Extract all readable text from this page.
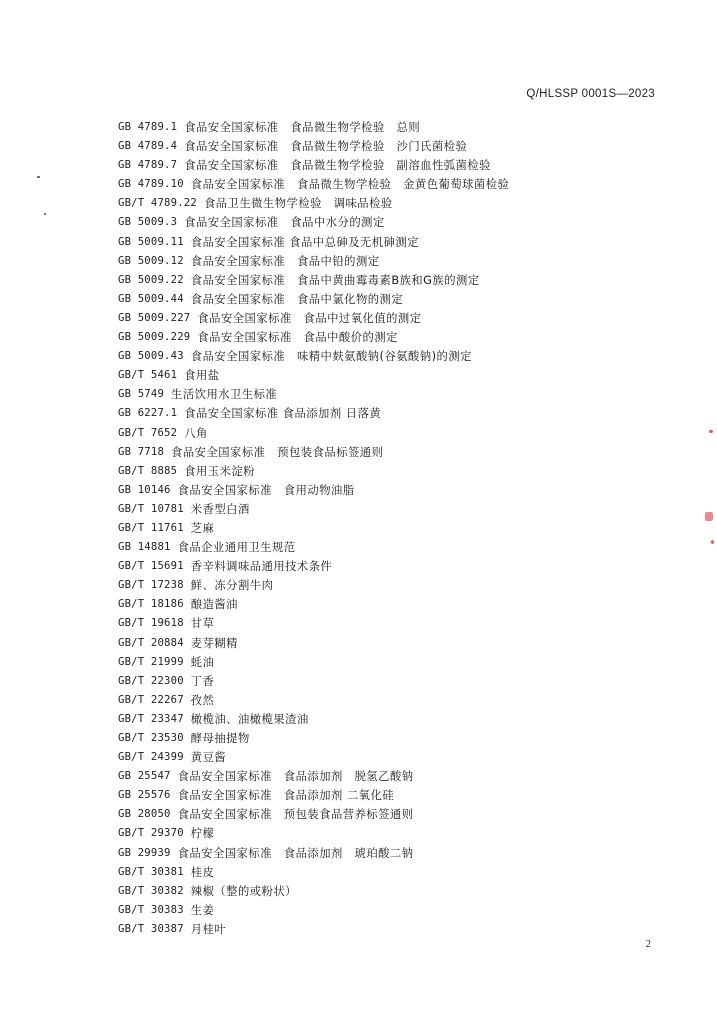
Q/HLSSP 0001S—2023
GB 4789.1 食品安全国家标准　食品微生物学检验　总则
GB 4789.4 食品安全国家标准　食品微生物学检验　沙门氏菌检验
GB 4789.7 食品安全国家标准　食品微生物学检验　副溶血性弧菌检验
GB 4789.10 食品安全国家标准　食品微生物学检验　金黄色葡萄球菌检验
GB/T 4789.22 食品卫生微生物学检验　调味品检验
GB 5009.3 食品安全国家标准　食品中水分的测定
GB 5009.11 食品安全国家标准 食品中总砷及无机砷测定
GB 5009.12 食品安全国家标准　食品中铅的测定
GB 5009.22 食品安全国家标准　食品中黄曲霉毒素B族和G族的测定
GB 5009.44 食品安全国家标准　食品中氯化物的测定
GB 5009.227 食品安全国家标准　食品中过氧化值的测定
GB 5009.229 食品安全国家标准　食品中酸价的测定
GB 5009.43 食品安全国家标准　味精中麸氨酸钠(谷氨酸钠)的测定
GB/T 5461 食用盐
GB 5749 生活饮用水卫生标准
GB 6227.1 食品安全国家标准 食品添加剂 日落黄
GB/T 7652 八角
GB 7718 食品安全国家标准　预包装食品标签通则
GB/T 8885 食用玉米淀粉
GB 10146 食品安全国家标准　食用动物油脂
GB/T 10781 米香型白酒
GB/T 11761 芝麻
GB 14881 食品企业通用卫生规范
GB/T 15691 香辛料调味品通用技术条件
GB/T 17238 鲜、冻分割牛肉
GB/T 18186 酿造酱油
GB/T 19618 甘草
GB/T 20884 麦芽糊精
GB/T 21999 蚝油
GB/T 22300 丁香
GB/T 22267 孜然
GB/T 23347 橄榄油、油橄榄果渣油
GB/T 23530 酵母抽提物
GB/T 24399 黄豆酱
GB 25547 食品安全国家标准　食品添加剂　脱氢乙酸钠
GB 25576 食品安全国家标准　食品添加剂 二氧化硅
GB 28050 食品安全国家标准　预包装食品营养标签通则
GB/T 29370 柠檬
GB 29939 食品安全国家标准　食品添加剂　琥珀酸二钠
GB/T 30381 桂皮
GB/T 30382 辣椒（整的或粉状）
GB/T 30383 生姜
GB/T 30387 月桂叶
2
